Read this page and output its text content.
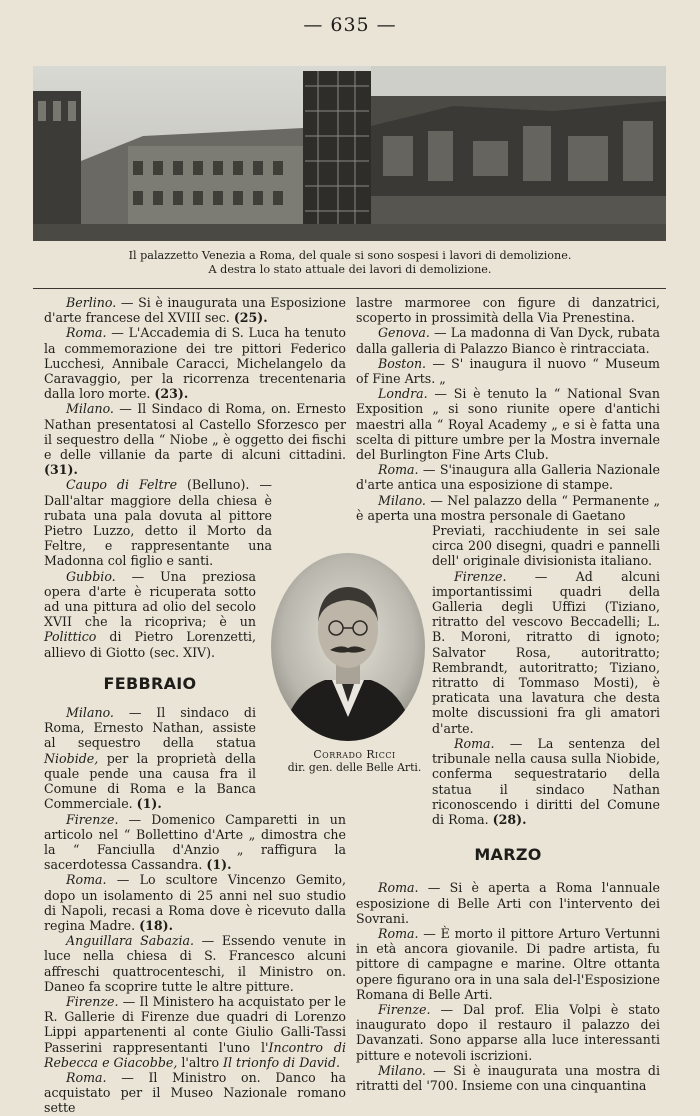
— 635 —
Il palazzetto Venezia a Roma, del quale si sono sospesi i lavori di demolizione.
A destra lo stato attuale dei lavori di demolizione.

Berlino. — Si è inaugurata una Esposizione d'arte francese del XVIII sec. (25).

Roma. — L'Accademia di S. Luca ha tenuto la commemorazione dei tre pittori Federico Lucchesi, Annibale Caracci, Michelangelo da Caravaggio, per la ricorrenza trecentenaria dalla loro morte. (23).

Milano. — Il Sindaco di Roma, on. Ernesto Nathan presentatosi al Castello Sforzesco per il sequestro della “ Niobe „ è oggetto dei fischi e delle villanie da parte di alcuni cittadini. (31).

Caupo di Feltre (Belluno). — Dall'altar maggiore della chiesa è rubata una pala dovuta al pittore Pietro Luzzo, detto il Morto da Feltre, e rappresentante una Madonna col figlio e santi.

Gubbio. — Una preziosa opera d'arte è ricuperata sotto ad una pittura ad olio del secolo XVII che la ricopriva; è un Polittico di Pietro Lorenzetti, allievo di Giotto (sec. XIV).

FEBBRAIO

Milano. — Il sindaco di Roma, Ernesto Nathan, assiste al sequestro della statua Niobide, per la proprietà della quale pende una causa fra il Comune di Roma e la Banca Commerciale. (1).

Firenze. — Domenico Camparetti in un articolo nel “ Bollettino d'Arte „ dimostra che la “ Fanciulla d'Anzio „ raffigura la sacerdotessa Cassandra. (1).

Roma. — Lo scultore Vincenzo Gemito, dopo un isolamento di 25 anni nel suo studio di Napoli, recasi a Roma dove è ricevuto dalla regina Madre. (18).

Anguillara Sabazia. — Essendo venute in luce nella chiesa di S. Francesco alcuni affreschi quattrocenteschi, il Ministro on. Daneo fa scoprire tutte le altre pitture.

Firenze. — Il Ministero ha acquistato per le R. Gallerie di Firenze due quadri di Lorenzo Lippi appartenenti al conte Giulio Galli-Tassi Passerini rappresentanti l'uno l'Incontro di Rebecca e Giacobbe, l'altro Il trionfo di David.

Roma. — Il Ministro on. Danco ha acquistato per il Museo Nazionale romano sette

Corrado Ricci
dir. gen. delle Belle Arti.

lastre marmoree con figure di danzatrici, scoperto in prossimità della Via Prenestina.

Genova. — La madonna di Van Dyck, rubata dalla galleria di Palazzo Bianco è rintracciata.

Boston. — S' inaugura il nuovo “ Museum of Fine Arts. „

Londra. — Si è tenuto la “ National Svan Exposition „ si sono riunite opere d'antichi maestri alla “ Royal Academy „ e si è fatta una scelta di pitture umbre per la Mostra invernale del Burlington Fine Arts Club.

Roma. — S'inaugura alla Galleria Nazionale d'arte antica una esposizione di stampe.

Milano. — Nel palazzo della “ Permanente „ è aperta una mostra personale di Gaetano

Previati, racchiudente in sei sale circa 200 disegni, quadri e pannelli dell' originale divisionista italiano.

Firenze. — Ad alcuni importantissimi quadri della Galleria degli Uffizi (Tiziano, ritratto del vescovo Beccadelli; L. B. Moroni, ritratto di ignoto; Salvator Rosa, autoritratto; Rembrandt, autoritratto; Tiziano, ritratto di Tommaso Mosti), è praticata una lavatura che desta molte discussioni fra gli amatori d'arte.

Roma. — La sentenza del tribunale nella causa sulla Niobide, conferma sequestratario della statua il sindaco Nathan riconoscendo i diritti del Comune di Roma. (28).

MARZO

Roma. — Si è aperta a Roma l'annuale esposizione di Belle Arti con l'intervento dei Sovrani.

Roma. — È morto il pittore Arturo Vertunni in età ancora giovanile. Di padre artista, fu pittore di campagne e marine. Oltre ottanta opere figurano ora in una sala del-l'Esposizione Romana di Belle Arti.

Firenze. — Dal prof. Elia Volpi è stato inaugurato dopo il restauro il palazzo dei Davanzati. Sono apparse alla luce interessanti pitture e notevoli iscrizioni.

Milano. — Si è inaugurata una mostra di ritratti del '700. Insieme con una cinquantina
